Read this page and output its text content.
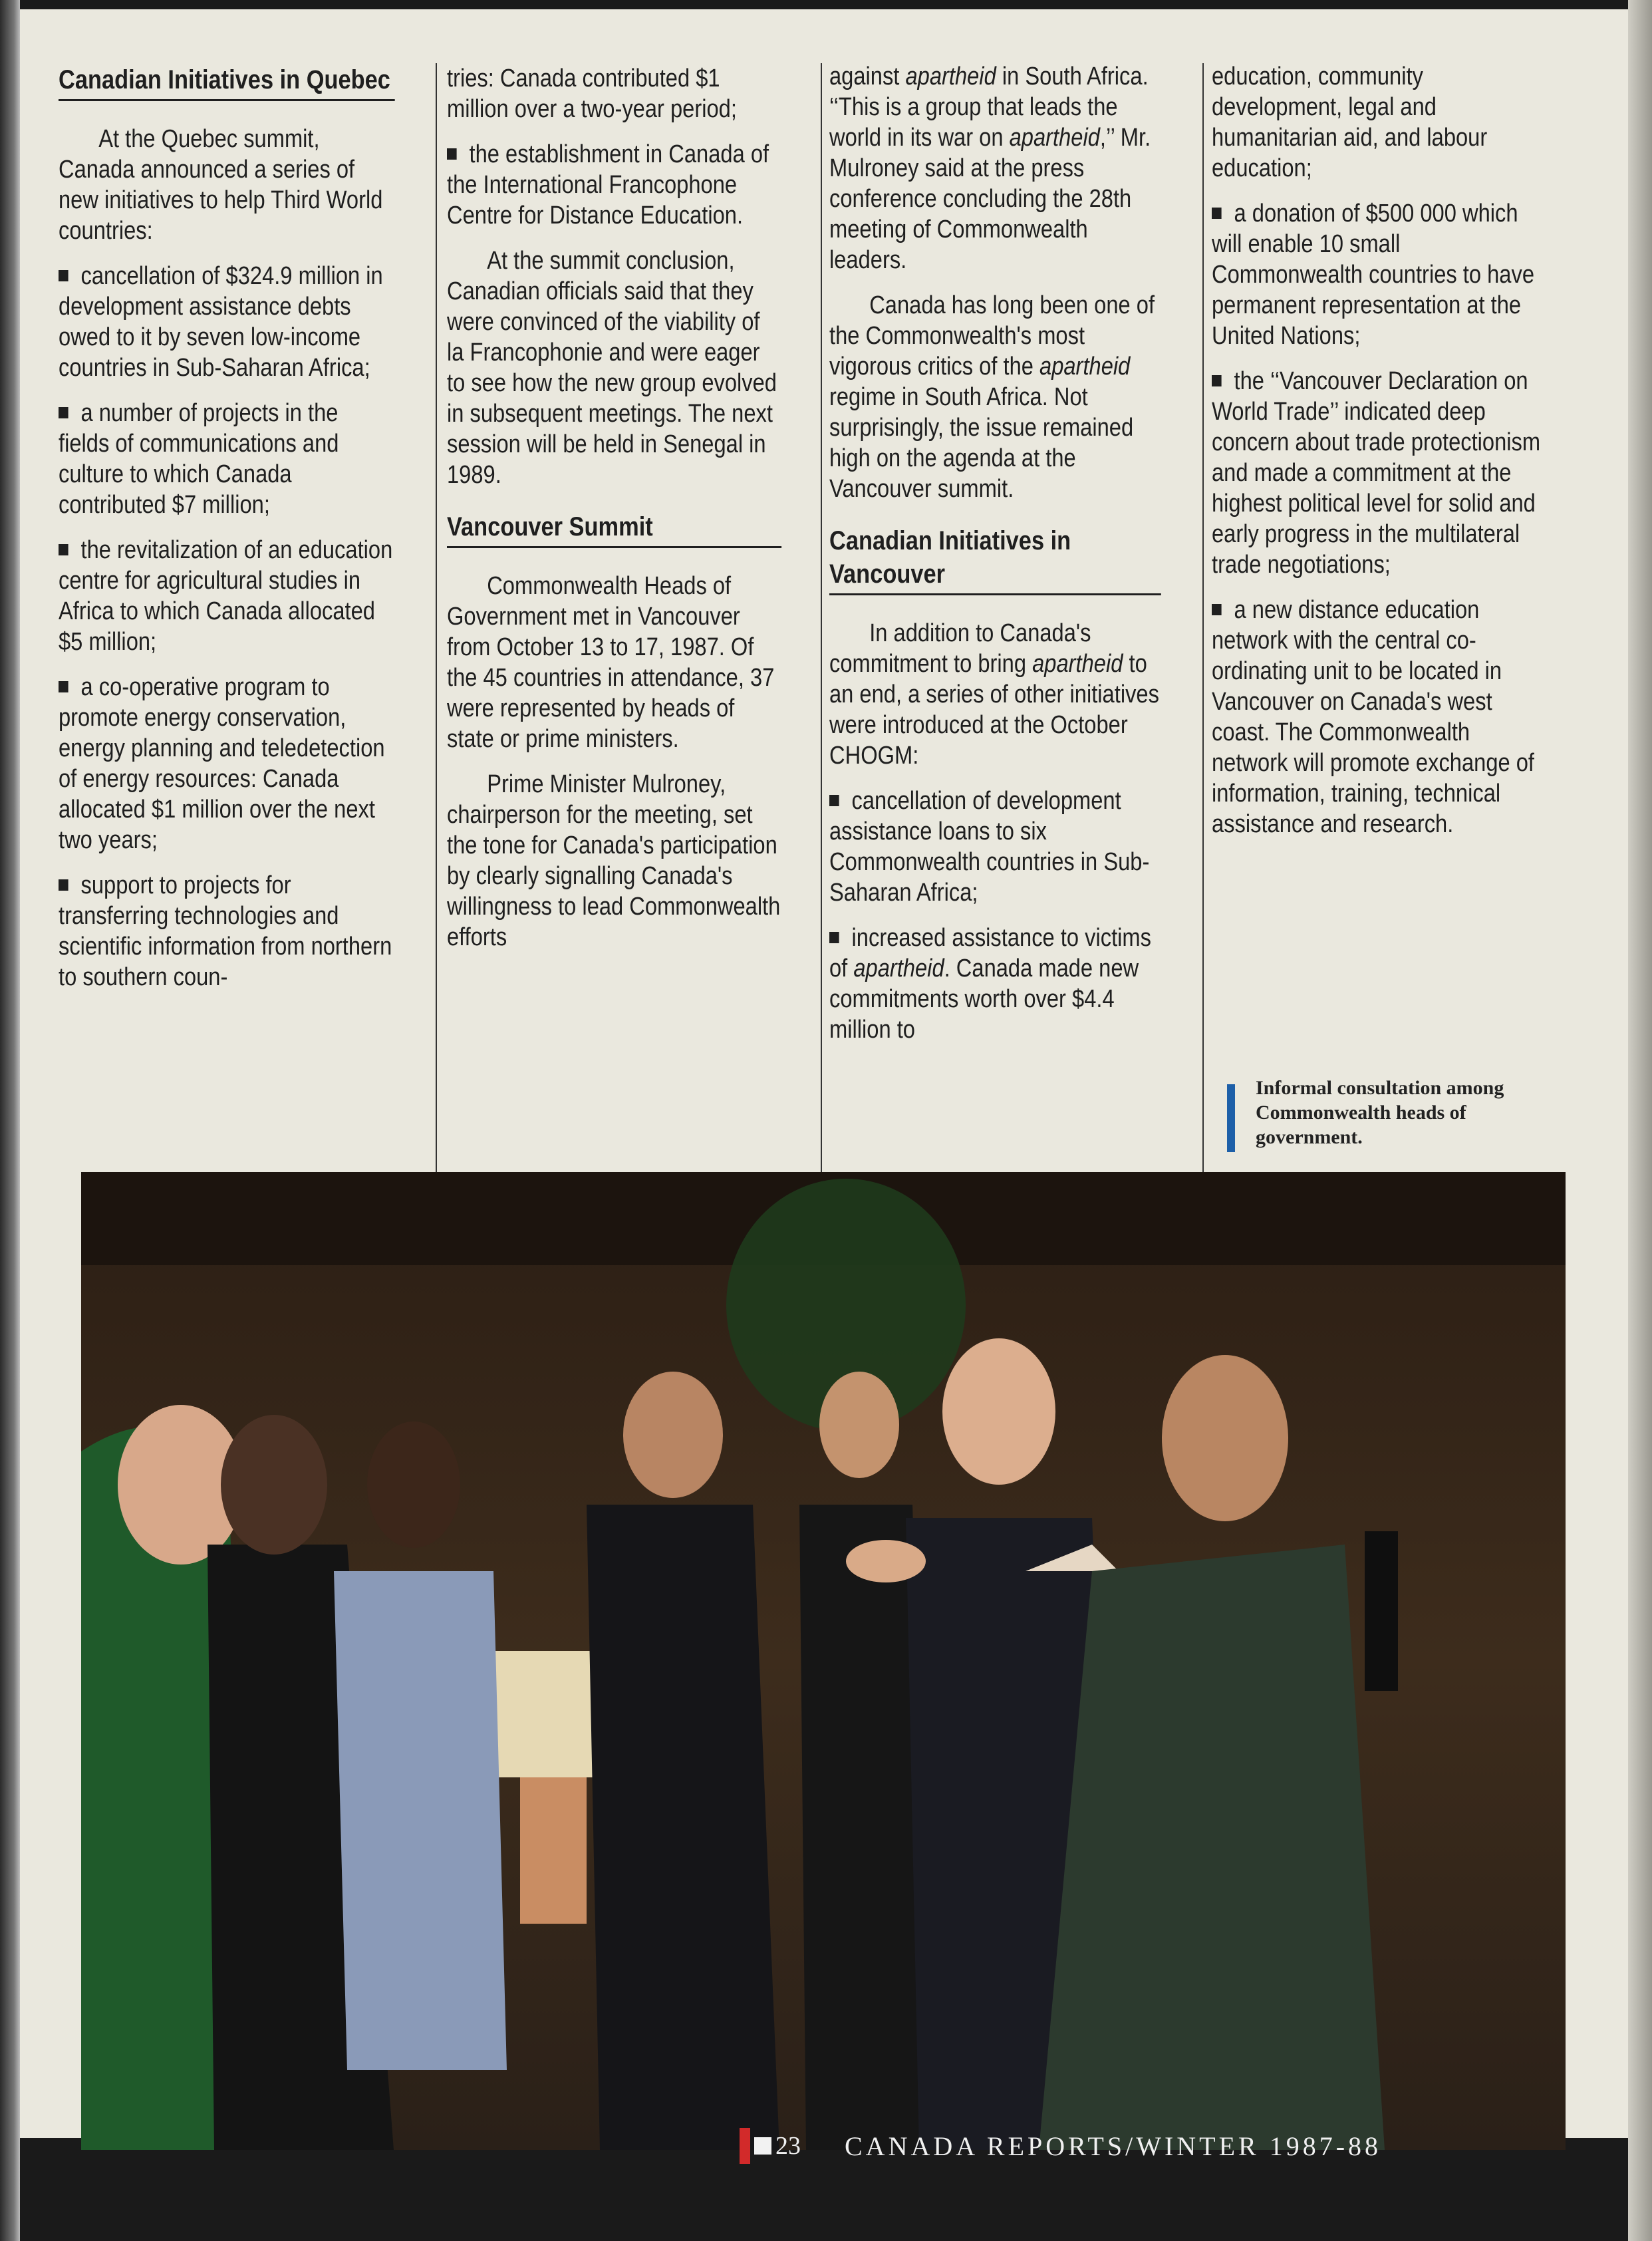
Canadian Initiatives in Quebec

At the Quebec summit, Canada announced a series of new initiatives to help Third World countries:

cancellation of $324.9 million in development assistance debts owed to it by seven low-income countries in Sub-Saharan Africa;

a number of projects in the fields of communications and culture to which Canada contributed $7 million;

the revitalization of an education centre for agricultural studies in Africa to which Canada allocated $5 million;

a co-operative program to promote energy conservation, energy planning and teledetection of energy resources: Canada allocated $1 million over the next two years;

support to projects for transferring technologies and scientific information from northern to southern coun-

tries: Canada contributed $1 million over a two-year period;

the establishment in Canada of the International Francophone Centre for Distance Education.

At the summit conclusion, Canadian officials said that they were convinced of the viability of la Francophonie and were eager to see how the new group evolved in subsequent meetings. The next session will be held in Senegal in 1989.

Vancouver Summit

Commonwealth Heads of Government met in Vancouver from October 13 to 17, 1987. Of the 45 countries in attendance, 37 were represented by heads of state or prime ministers.

Prime Minister Mulroney, chairperson for the meeting, set the tone for Canada's participation by clearly signalling Canada's willingness to lead Commonwealth efforts

against apartheid in South Africa. ‘‘This is a group that leads the world in its war on apartheid,’’ Mr. Mulroney said at the press conference concluding the 28th meeting of Commonwealth leaders.

Canada has long been one of the Commonwealth's most vigorous critics of the apartheid regime in South Africa. Not surprisingly, the issue remained high on the agenda at the Vancouver summit.

Canadian Initiatives in Vancouver

In addition to Canada's commitment to bring apartheid to an end, a series of other initiatives were introduced at the October CHOGM:

cancellation of development assistance loans to six Commonwealth countries in Sub-Saharan Africa;

increased assistance to victims of apartheid. Canada made new commitments worth over $4.4 million to

education, community development, legal and humanitarian aid, and labour education;

a donation of $500 000 which will enable 10 small Commonwealth countries to have permanent representation at the United Nations;

the ‘‘Vancouver Declaration on World Trade’’ indicated deep concern about trade protectionism and made a commitment at the highest political level for solid and early progress in the multilateral trade negotiations;

a new distance education network with the central co-ordinating unit to be located in Vancouver on Canada's west coast. The Commonwealth network will promote exchange of information, training, technical assistance and research.

Informal consultation among Commonwealth heads of government.
23 CANADA REPORTS/WINTER 1987-88
